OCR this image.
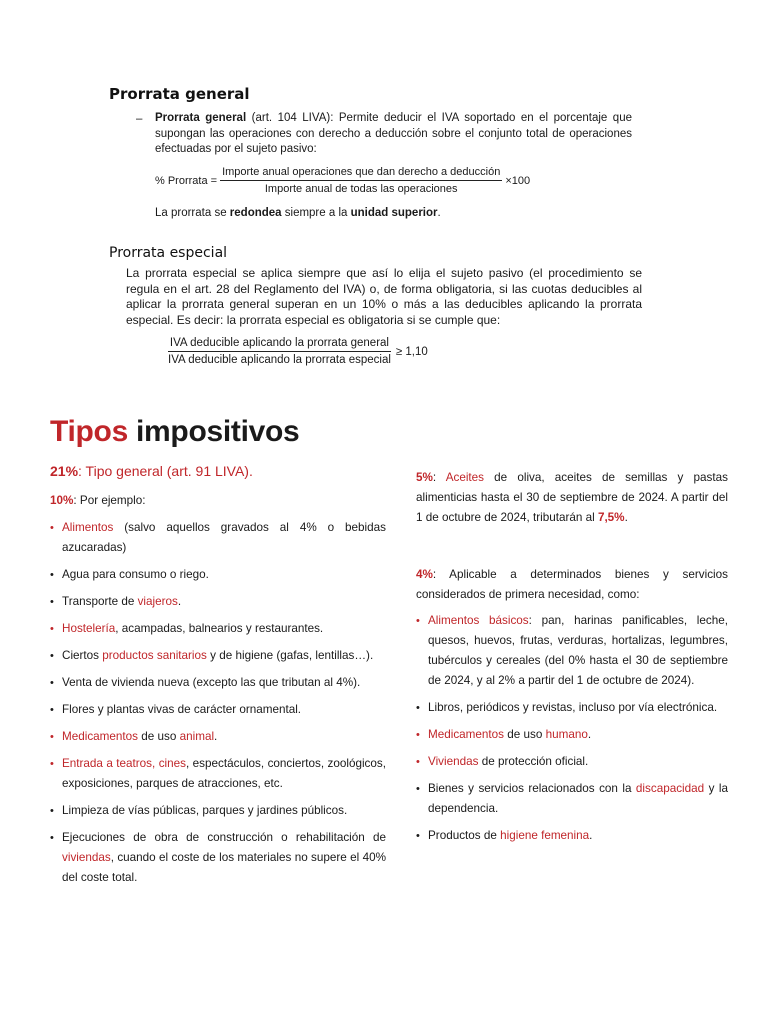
Prorrata general
– Prorrata general (art. 104 LIVA): Permite deducir el IVA soportado en el porcentaje que supongan las operaciones con derecho a deducción sobre el conjunto total de operaciones efectuadas por el sujeto pasivo:
% Prorrata = $\frac{\text{Importe anual operaciones que dan derecho a deducción}}{\text{Importe anual de todas las operaciones}} \times 100$
La prorrata se redondea siempre a la unidad superior.
Prorrata especial
La prorrata especial se aplica siempre que así lo elija el sujeto pasivo (el procedimiento se regula en el art. 28 del Reglamento del IVA) o, de forma obligatoria, si las cuotas deducibles al aplicar la prorrata general superan en un 10% o más a las deducibles aplicando la prorrata especial. Es decir: la prorrata especial es obligatoria si se cumple que:
$\frac{\text{IVA deducible aplicando la prorrata general}}{\text{IVA deducible aplicando la prorrata especial}} \ge 1,10$
Tipos impositivos
21%: Tipo general (art. 91 LIVA).
10%: Por ejemplo:
• Alimentos (salvo aquellos gravados al 4% o bebidas azucaradas)
• Agua para consumo o riego.
• Transporte de viajeros.
• Hostelería, acampadas, balnearios y restaurantes.
• Ciertos productos sanitarios y de higiene (gafas, lentillas…).
• Venta de vivienda nueva (excepto las que tributan al 4%).
• Flores y plantas vivas de carácter ornamental.
• Medicamentos de uso animal.
• Entrada a teatros, cines, espectáculos, conciertos, zoológicos, exposiciones, parques de atracciones, etc.
• Limpieza de vías públicas, parques y jardines públicos.
• Ejecuciones de obra de construcción o rehabilitación de viviendas, cuando el coste de los materiales no supere el 40% del coste total.
5%: Aceites de oliva, aceites de semillas y pastas alimenticias hasta el 30 de septiembre de 2024. A partir del 1 de octubre de 2024, tributarán al 7,5%.
4%: Aplicable a determinados bienes y servicios considerados de primera necesidad, como:
• Alimentos básicos: pan, harinas panificables, leche, quesos, huevos, frutas, verduras, hortalizas, legumbres, tubérculos y cereales (del 0% hasta el 30 de septiembre de 2024, y al 2% a partir del 1 de octubre de 2024).
• Libros, periódicos y revistas, incluso por vía electrónica.
• Medicamentos de uso humano.
• Viviendas de protección oficial.
• Bienes y servicios relacionados con la discapacidad y la dependencia.
• Productos de higiene femenina.
